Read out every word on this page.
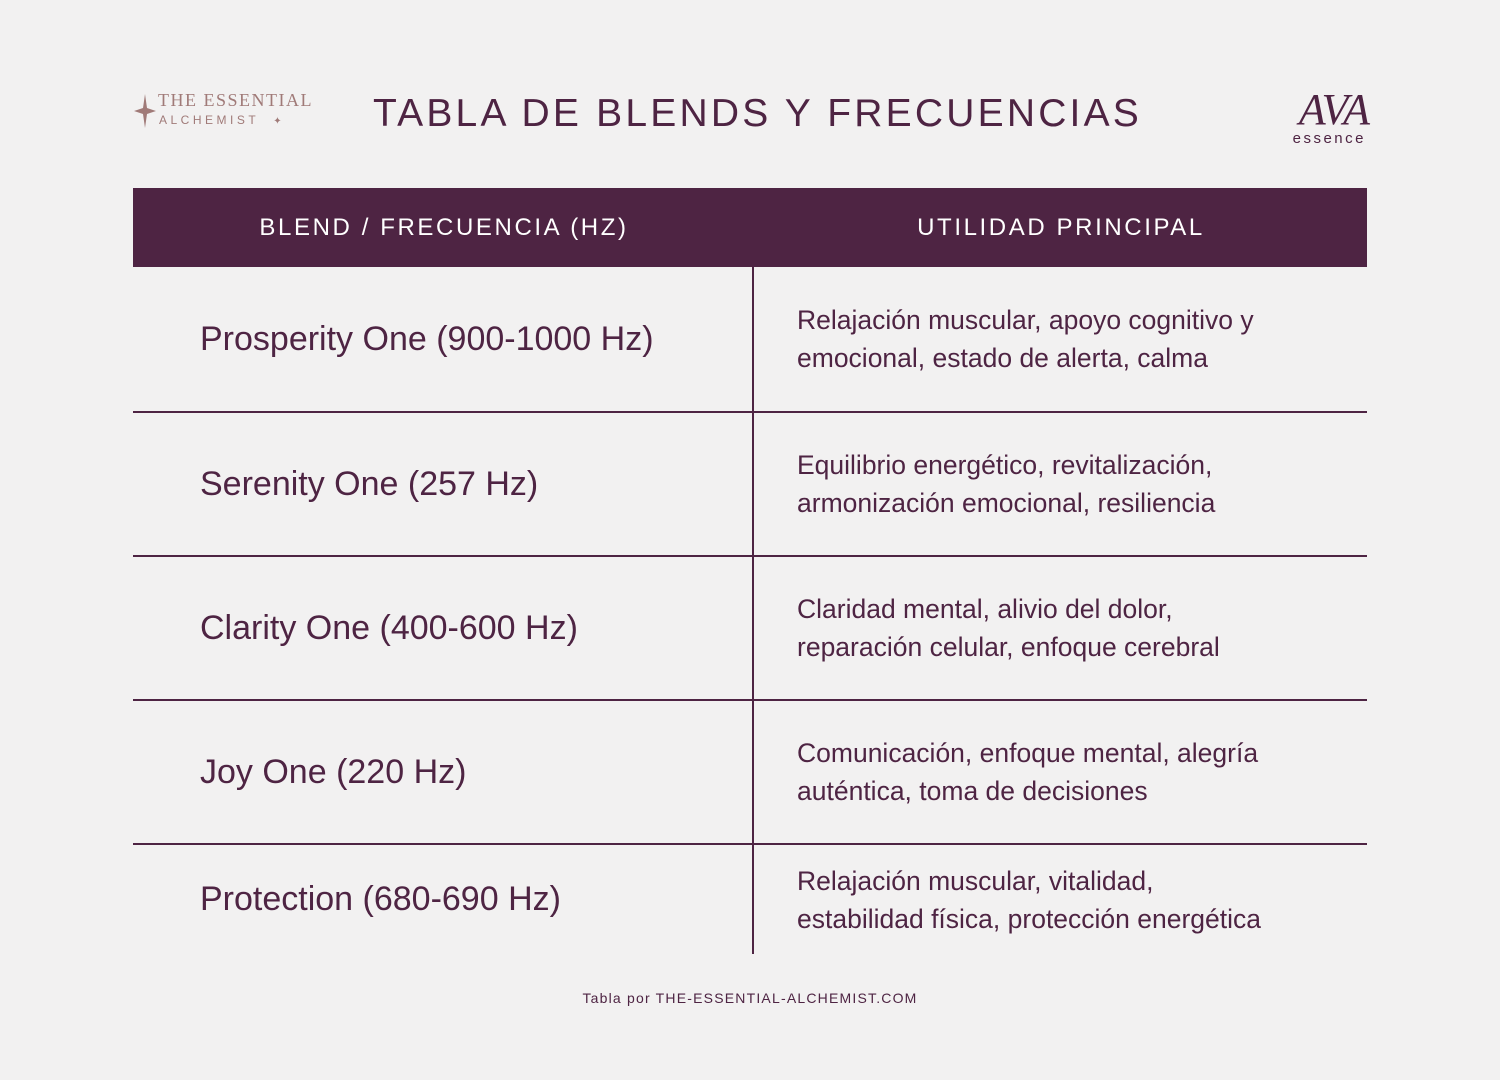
THE ESSENTIAL
ALCHEMIST ✦ TABLA DE BLENDS Y FRECUENCIAS	AVA
essence
BLEND / FRECUENCIA (HZ)	UTILIDAD PRINCIPAL
Prosperity One (900-1000 Hz)	Relajación muscular, apoyo cognitivo y
emocional, estado de alerta, calma
Serenity One (257 Hz)	Equilibrio energético, revitalización,
armonización emocional, resiliencia
Clarity One (400-600 Hz)	Claridad mental, alivio del dolor,
reparación celular, enfoque cerebral
Joy One (220 Hz)	Comunicación, enfoque mental, alegría
auténtica, toma de decisiones
Protection (680-690 Hz)	Relajación muscular, vitalidad,
estabilidad física, protección energética
Tabla por THE-ESSENTIAL-ALCHEMIST.COM
